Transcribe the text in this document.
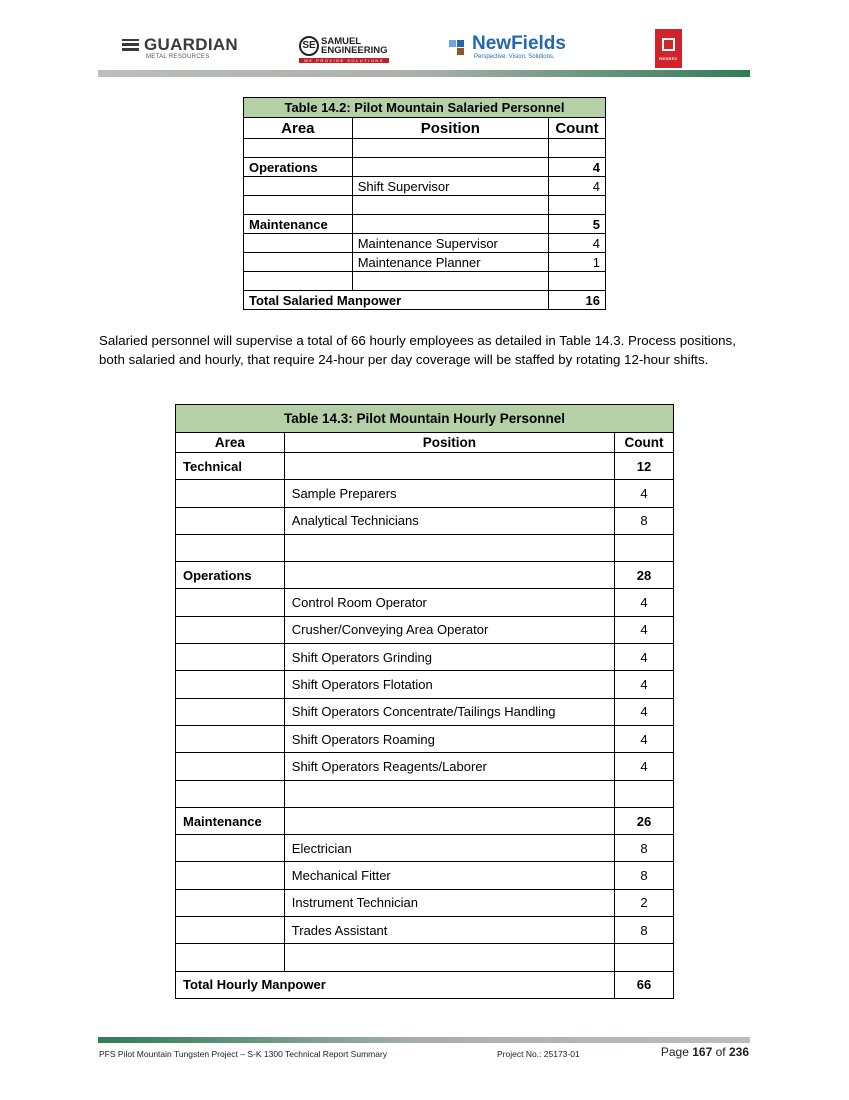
GUARDIAN
METAL RESOURCES
SE SAMUEL
ENGINEERING
WE PROVIDE SOLUTIONS
NewFields
Perspective. Vision. Solutions.	RESREC
Table 14.2: Pilot Mountain Salaried Personnel		
Area	Position	Count

Operations		4
	Shift Supervisor	4

Maintenance		5
	Maintenance Supervisor	4
	Maintenance Planner	1

Total Salaried Manpower		16

Salaried personnel will supervise a total of 66 hourly employees as detailed in Table 14.3. Process positions, both salaried and hourly, that require 24-hour per day coverage will be staffed by rotating 12-hour shifts.

Table 14.3: Pilot Mountain Hourly Personnel		
Area	Position	Count
Technical		12
	Sample Preparers	4
	Analytical Technicians	8

Operations		28
	Control Room Operator	4
	Crusher/Conveying Area Operator	4
	Shift Operators Grinding	4
	Shift Operators Flotation	4
	Shift Operators Concentrate/Tailings Handling	4
	Shift Operators Roaming	4
	Shift Operators Reagents/Laborer	4

Maintenance		26
	Electrician	8
	Mechanical Fitter	8
	Instrument Technician	2
	Trades Assistant	8

Total Hourly Manpower		66
PFS Pilot Mountain Tungsten Project – S-K 1300 Technical Report Summary	Project No.: 25173-01	Page 167 of 236
